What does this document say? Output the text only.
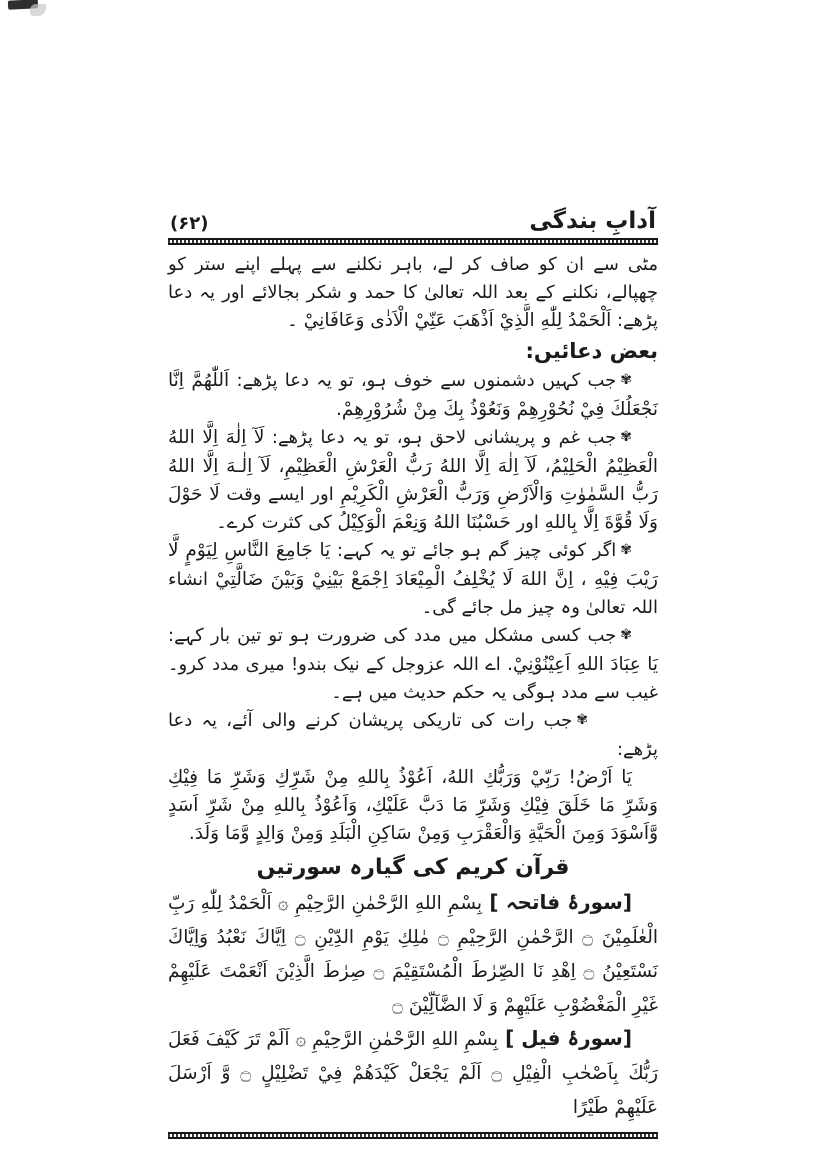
آدابِ بندگی
(۶۲)

مٹی سے ان کو صاف کر لے، باہر نکلنے سے پہلے اپنے ستر کو چھپالے، نکلنے کے بعد اللہ تعالیٰ کا حمد و شکر بجالائے اور یہ دعا پڑھے: اَلْحَمْدُ لِلّٰهِ الَّذِيْ اَذْهَبَ عَنِّيْ الْاَذٰى وَعَافَانِيْ ۔

بعض دعائیں:

✾جب کہیں دشمنوں سے خوف ہو، تو یہ دعا پڑھے: اَللّٰهُمَّ اِنَّا نَجْعَلُكَ فِيْ نُحُوْرِهِمْ وَنَعُوْذُ بِكَ مِنْ شُرُوْرِهِمْ.

✾جب غم و پریشانی لاحق ہو، تو یہ دعا پڑھے: لَآ اِلٰهَ اِلَّا اللهُ الْعَظِيْمُ الْحَلِيْمُ، لَآ اِلٰهَ اِلَّا اللهُ رَبُّ الْعَرْشِ الْعَظِيْمِ، لَآ اِلٰـهَ اِلَّا اللهُ رَبُّ السَّمٰوٰتِ وَالْاَرْضِ وَرَبُّ الْعَرْشِ الْكَرِيْمِ اور ایسے وقت لَا حَوْلَ وَلَا قُوَّةَ اِلَّا بِاللهِ اور حَسْبُنَا اللهُ وَنِعْمَ الْوَكِيْلُ کی کثرت کرے۔

✾اگر کوئی چیز گم ہو جائے تو یہ کہے: يَا جَامِعَ النَّاسِ لِيَوْمٍ لَّا رَيْبَ فِيْهِ ، اِنَّ اللهَ لَا يُخْلِفُ الْمِيْعَادَ اِجْمَعْ بَيْنِيْ وَبَيْنَ ضَالَّتِيْ انشاء اللہ تعالیٰ وہ چیز مل جائے گی۔

✾جب کسی مشکل میں مدد کی ضرورت ہو تو تین بار کہے: يَا عِبَادَ اللهِ اَعِيْنُوْنِيْ. اے اللہ عزوجل کے نیک بندو! میری مدد کرو۔ غیب سے مدد ہوگی یہ حکم حدیث میں ہے۔

✾جب رات کی تاریکی پریشان کرنے والی آئے، یہ دعا پڑھے:

يَا اَرْضُ! رَبِّيْ وَرَبُّكِ اللهُ، اَعُوْذُ بِاللهِ مِنْ شَرِّكِ وَشَرِّ مَا فِيْكِ وَشَرِّ مَا خَلَقَ فِيْكِ وَشَرِّ مَا دَبَّ عَلَيْكِ، وَاَعُوْذُ بِاللهِ مِنْ شَرِّ اَسَدٍ وَّاَسْوَدَ وَمِنَ الْحَيَّةِ وَالْعَقْرَبِ وَمِنْ سَاكِنِ الْبَلَدِ وَمِنْ وَالِدٍ وَّمَا وَلَدَ.

قرآن کریم کی گیارہ سورتیں

[سورۂ فاتحہ ] بِسْمِ اللهِ الرَّحْمٰنِ الرَّحِيْمِ ۞ اَلْحَمْدُ لِلّٰهِ رَبِّ الْعٰلَمِيْنَ ۝ الرَّحْمٰنِ الرَّحِيْمِ ۝ مٰلِكِ يَوْمِ الدِّيْنِ ۝ اِيَّاكَ نَعْبُدُ وَاِيَّاكَ نَسْتَعِيْنُ ۝ اِهْدِ نَا الصِّرٰطَ الْمُسْتَقِيْمَ ۝ صِرٰطَ الَّذِيْنَ اَنْعَمْتَ عَلَيْهِمْ غَيْرِ الْمَغْضُوْبِ عَلَيْهِمْ وَ لَا الضَّآلِّيْنَ ۝

[سورۂ فیل ] بِسْمِ اللهِ الرَّحْمٰنِ الرَّحِيْمِ ۞ اَلَمْ تَرَ كَيْفَ فَعَلَ رَبُّكَ بِاَصْحٰبِ الْفِيْلِ ۝ اَلَمْ يَجْعَلْ كَيْدَهُمْ فِيْ تَضْلِيْلٍ ۝ وَّ اَرْسَلَ عَلَيْهِمْ طَيْرًا
